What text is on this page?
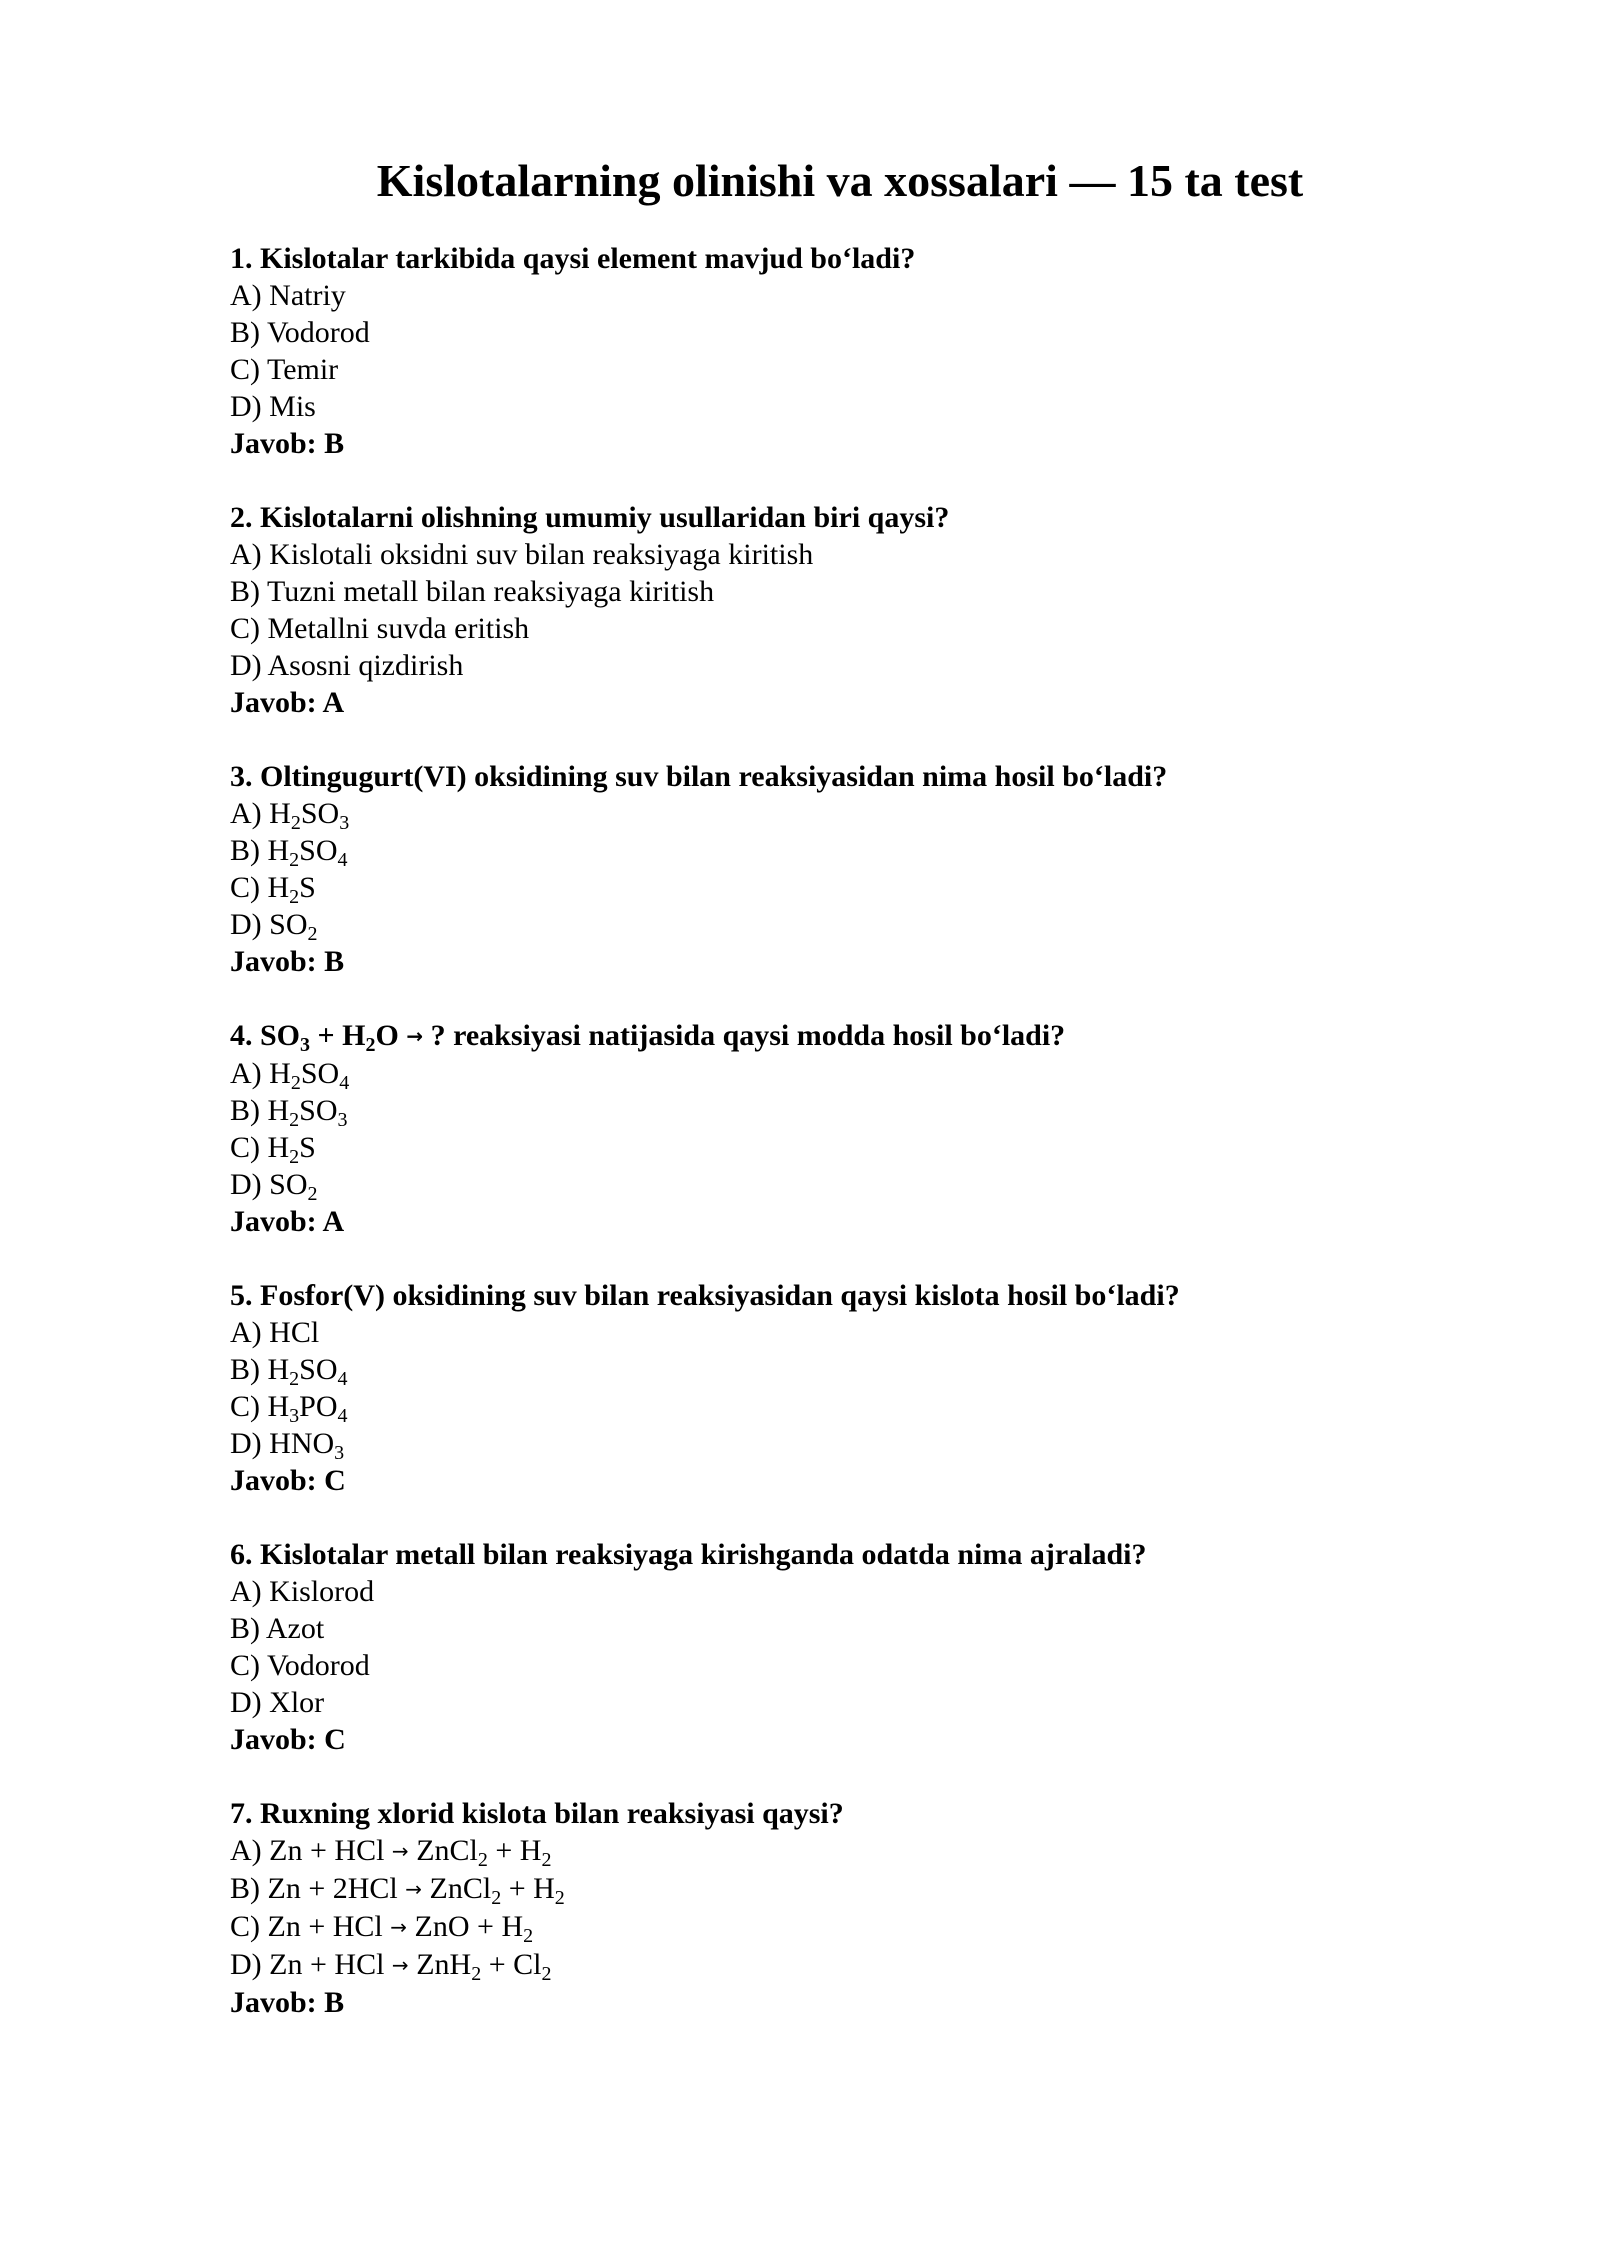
Kislotalarning olinishi va xossalari — 15 ta test
1. Kislotalar tarkibida qaysi element mavjud bo‘ladi?
A) Natriy
B) Vodorod
C) Temir
D) Mis
Javob: B
2. Kislotalarni olishning umumiy usullaridan biri qaysi?
A) Kislotali oksidni suv bilan reaksiyaga kiritish
B) Tuzni metall bilan reaksiyaga kiritish
C) Metallni suvda eritish
D) Asosni qizdirish
Javob: A
3. Oltingugurt(VI) oksidining suv bilan reaksiyasidan nima hosil bo‘ladi?
A) $H_2SO_3$
B) $H_2SO_4$
C) $H_2S$
D) $SO_2$
Javob: B
4. $SO_3 + H_2O$ → ? reaksiyasi natijasida qaysi modda hosil bo‘ladi?
A) $H_2SO_4$
B) $H_2SO_3$
C) $H_2S$
D) $SO_2$
Javob: A
5. Fosfor(V) oksidining suv bilan reaksiyasidan qaysi kislota hosil bo‘ladi?
A) HCl
B) $H_2SO_4$
C) $H_3PO_4$
D) $HNO_3$
Javob: C
6. Kislotalar metall bilan reaksiyaga kirishganda odatda nima ajraladi?
A) Kislorod
B) Azot
C) Vodorod
D) Xlor
Javob: C
7. Ruxning xlorid kislota bilan reaksiyasi qaysi?
A) Zn + HCl → ZnCl$_2$ + $H_2$
B) Zn + 2HCl → ZnCl$_2$ + $H_2$
C) Zn + HCl → ZnO + $H_2$
D) Zn + HCl → $ZnH_2 + Cl_2$
Javob: B
